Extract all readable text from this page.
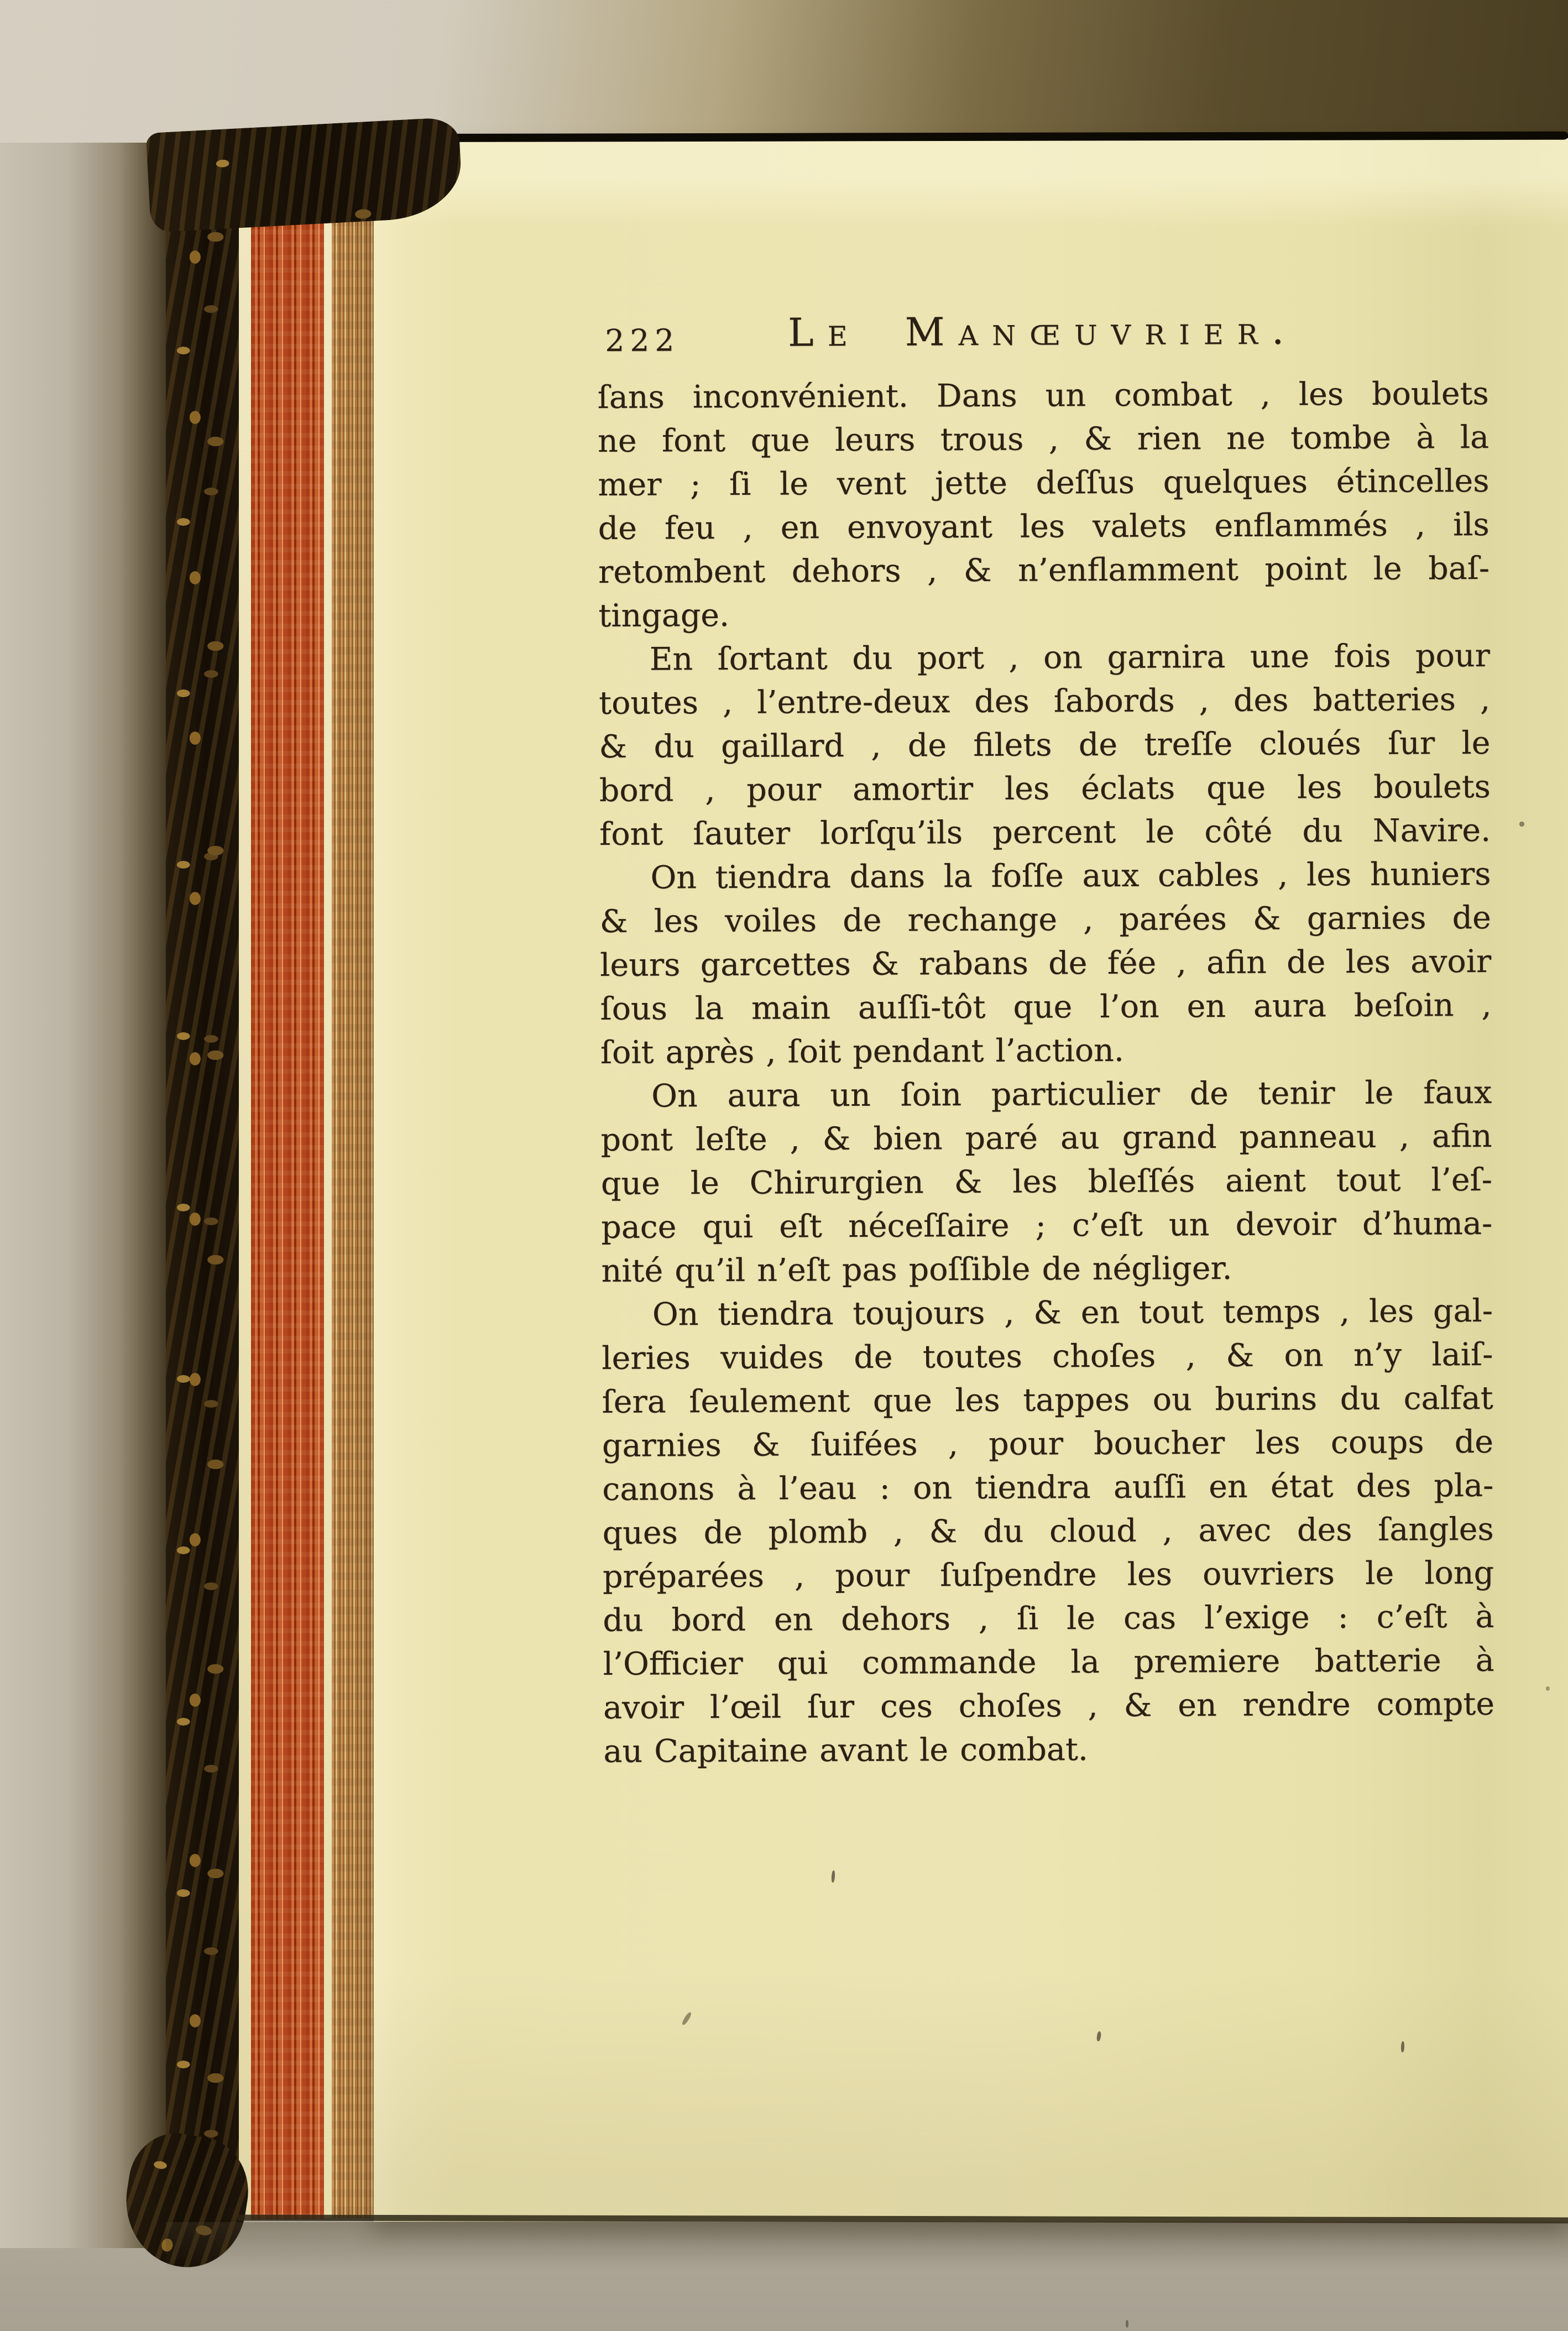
222	Le Manœuvrier.
ſans inconvénient. Dans un combat , les boulets
ne font que leurs trous , & rien ne tombe à la
mer ; ſi le vent jette deſſus quelques étincelles
de feu , en envoyant les valets enflammés , ils
retombent dehors , & n’enflamment point le baſ-
tingage.
En ſortant du port , on garnira une fois pour
toutes , l’entre-deux des ſabords , des batteries ,
& du gaillard , de filets de treſſe cloués ſur le
bord , pour amortir les éclats que les boulets
font ſauter lorſqu’ils percent le côté du Navire.
On tiendra dans la foſſe aux cables , les huniers
& les voiles de rechange , parées & garnies de
leurs garcettes & rabans de fée , afin de les avoir
ſous la main auſſi-tôt que l’on en aura beſoin ,
ſoit après , ſoit pendant l’action.
On aura un ſoin particulier de tenir le faux
pont leſte , & bien paré au grand panneau , afin
que le Chirurgien & les bleſſés aient tout l’eſ-
pace qui eſt néceſſaire ; c’eſt un devoir d’huma-
nité qu’il n’eſt pas poſſible de négliger.
On tiendra toujours , & en tout temps , les gal-
leries vuides de toutes choſes , & on n’y laiſ-
ſera ſeulement que les tappes ou burins du calfat
garnies & ſuifées , pour boucher les coups de
canons à l’eau : on tiendra auſſi en état des pla-
ques de plomb , & du cloud , avec des ſangles
préparées , pour ſuſpendre les ouvriers le long
du bord en dehors , ſi le cas l’exige : c’eſt à
l’Officier qui commande la premiere batterie à
avoir l’œil ſur ces choſes , & en rendre compte
au Capitaine avant le combat.
